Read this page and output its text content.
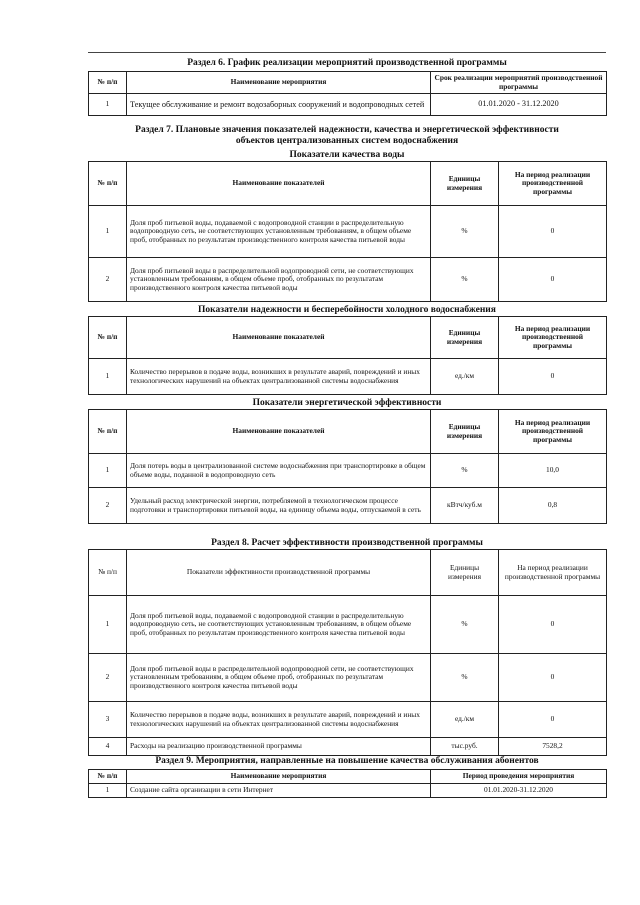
Раздел 6. График реализации мероприятий производственной программы
№ п/п	Наименование мероприятия	Срок реализации мероприятий производственной программы
1	Текущее обслуживание и ремонт водозаборных сооружений и водопроводных сетей	01.01.2020 - 31.12.2020
Раздел 7. Плановые значения показателей надежности, качества и энергетической эффективности объектов централизованных систем водоснабжения
Показатели качества воды
№ п/п	Наименование показателей	Единицы измерения	На период реализации производственной программы
1	Доля проб питьевой воды, подаваемой с водопроводной станции в распределительную водопроводную сеть, не соответствующих установленным требованиям, в общем объеме проб, отобранных по результатам производственного контроля качества питьевой воды	%	0
2	Доля проб питьевой воды в распределительной водопроводной сети, не соответствующих установленным требованиям, в общем объеме проб, отобранных по результатам производственного контроля качества питьевой воды	%	0
Показатели надежности и бесперебойности холодного водоснабжения
№ п/п	Наименование показателей	Единицы измерения	На период реализации производственной программы
1	Количество перерывов в подаче воды, возникших в результате аварий, повреждений и иных технологических нарушений на объектах централизованной системы водоснабжения	ед./км	0
Показатели энергетической эффективности
№ п/п	Наименование показателей	Единицы измерения	На период реализации производственной программы
1	Доля потерь воды в централизованной системе водоснабжения при транспортировке в общем объеме воды, поданной в водопроводную сеть	%	10,0
2	Удельный расход электрической энергии, потребляемой в технологическом процессе подготовки и транспортировки питьевой воды, на единицу объема воды, отпускаемой в сеть	кВтч/куб.м	0,8
Раздел 8. Расчет эффективности производственной программы
№ п/п	Показатели эффективности производственной программы	Единицы измерения	На период реализации производственной программы
1	Доля проб питьевой воды, подаваемой с водопроводной станции в распределительную водопроводную сеть, не соответствующих установленным требованиям, в общем объеме проб, отобранных по результатам производственного контроля качества питьевой воды	%	0
2	Доля проб питьевой воды в распределительной водопроводной сети, не соответствующих установленным требованиям, в общем объеме проб, отобранных по результатам производственного контроля качества питьевой воды	%	0
3	Количество перерывов в подаче воды, возникших в результате аварий, повреждений и иных технологических нарушений на объектах централизованной системы водоснабжения	ед./км	0
4	Расходы на реализацию производственной программы	тыс.руб.	7528,2
Раздел 9. Мероприятия, направленные на повышение качества обслуживания абонентов
№ п/п	Наименование мероприятия	Период проведения мероприятия
1	Создание сайта организации в сети Интернет	01.01.2020-31.12.2020
